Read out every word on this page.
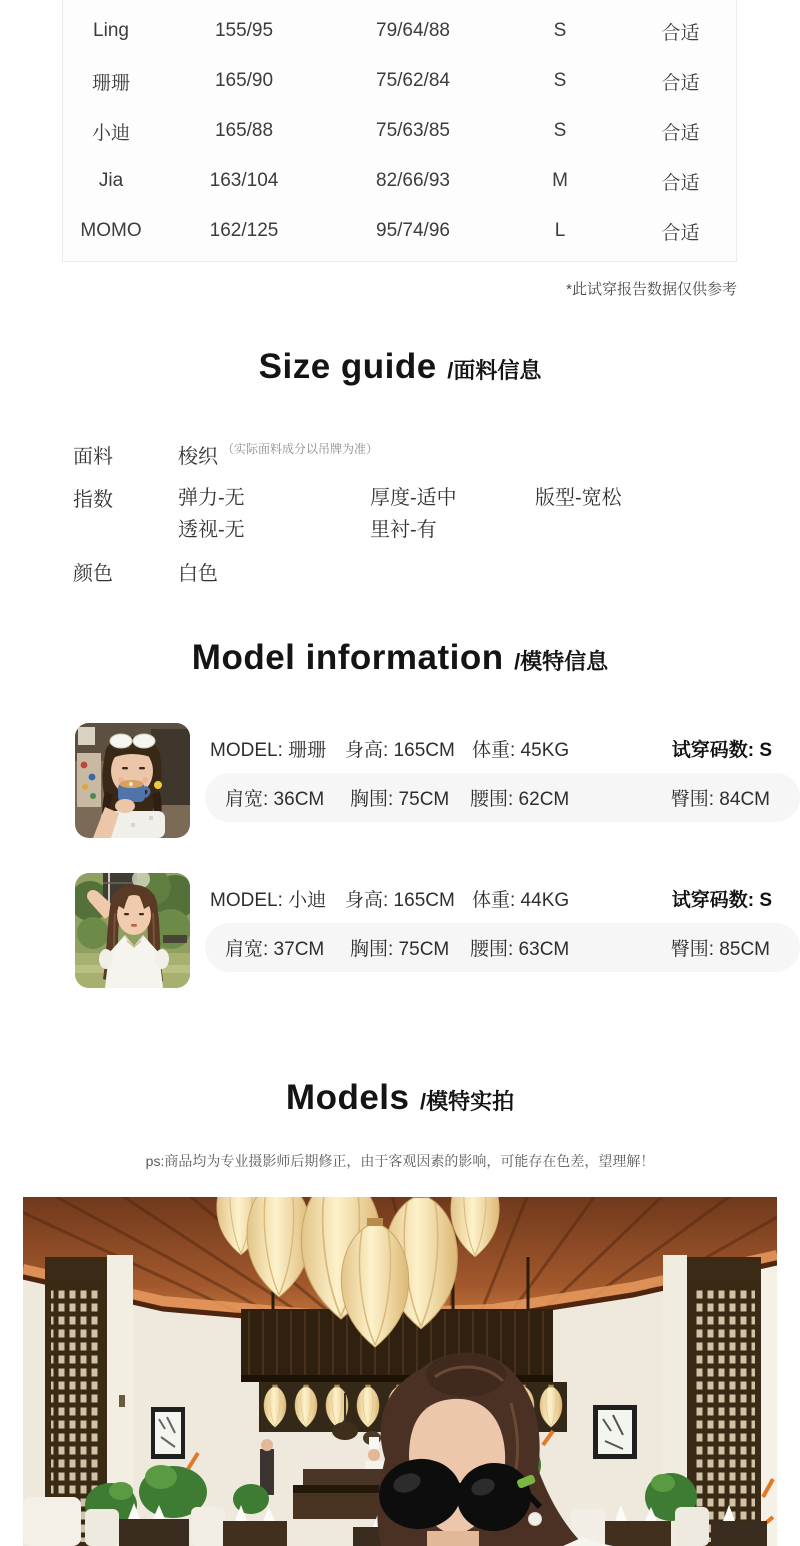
Ling	155/95	79/64/88	S	合适
珊珊	165/90	75/62/84	S	合适
小迪	165/88	75/63/85	S	合适
Jia	163/104	82/66/93	M	合适
MOMO	162/125	95/74/96	L	合适
*此试穿报告数据仅供参考
Size guide /面料信息
面料	梭织 （实际面料成分以吊牌为准）
指数	弹力-无	厚度-适中	版型-宽松
透视-无	里衬-有
颜色	白色
Model information /模特信息
MODEL: 珊珊 身高: 165CM 体重: 45KG	试穿码数: S
肩宽: 36CM	胸围: 75CM	腰围: 62CM	臀围: 84CM
MODEL: 小迪 身高: 165CM 体重: 44KG	试穿码数: S
肩宽: 37CM	胸围: 75CM	腰围: 63CM	臀围: 85CM
Models /模特实拍
ps:商品均为专业摄影师后期修正，由于客观因素的影响，可能存在色差，望理解！
